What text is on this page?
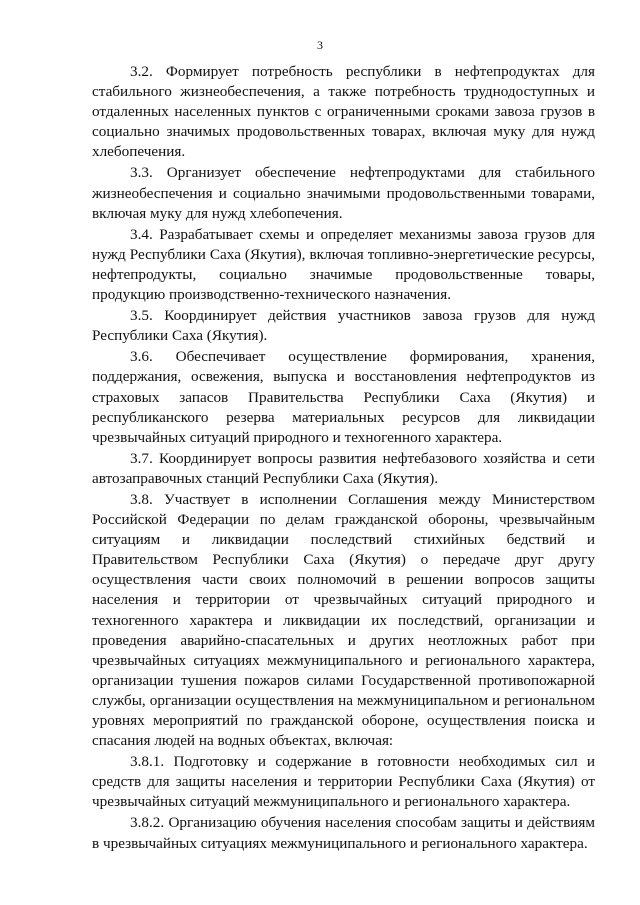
3

3.2. Формирует потребность республики в нефтепродуктах для стабильного жизнеобеспечения, а также потребность труднодоступных и отдаленных населенных пунктов с ограниченными сроками завоза грузов в социально значимых продовольственных товарах, включая муку для нужд хлебопечения.

3.3. Организует обеспечение нефтепродуктами для стабильного жизнеобеспечения и социально значимыми продовольственными товарами, включая муку для нужд хлебопечения.

3.4. Разрабатывает схемы и определяет механизмы завоза грузов для нужд Республики Саха (Якутия), включая топливно-энергетические ресурсы, нефтепродукты, социально значимые продовольственные товары, продукцию производственно-технического назначения.

3.5. Координирует действия участников завоза грузов для нужд Республики Саха (Якутия).

3.6. Обеспечивает осуществление формирования, хранения, поддержания, освежения, выпуска и восстановления нефтепродуктов из страховых запасов Правительства Республики Саха (Якутия) и республиканского резерва материальных ресурсов для ликвидации чрезвычайных ситуаций природного и техногенного характера.

3.7. Координирует вопросы развития нефтебазового хозяйства и сети автозаправочных станций Республики Саха (Якутия).

3.8. Участвует в исполнении Соглашения между Министерством Российской Федерации по делам гражданской обороны, чрезвычайным ситуациям и ликвидации последствий стихийных бедствий и Правительством Республики Саха (Якутия) о передаче друг другу осуществления части своих полномочий в решении вопросов защиты населения и территории от чрезвычайных ситуаций природного и техногенного характера и ликвидации их последствий, организации и проведения аварийно-спасательных и других неотложных работ при чрезвычайных ситуациях межмуниципального и регионального характера, организации тушения пожаров силами Государственной противопожарной службы, организации осуществления на межмуниципальном и региональном уровнях мероприятий по гражданской обороне, осуществления поиска и спасания людей на водных объектах, включая:

3.8.1. Подготовку и содержание в готовности необходимых сил и средств для защиты населения и территории Республики Саха (Якутия) от чрезвычайных ситуаций межмуниципального и регионального характера.

3.8.2. Организацию обучения населения способам защиты и действиям в чрезвычайных ситуациях межмуниципального и регионального характера.
